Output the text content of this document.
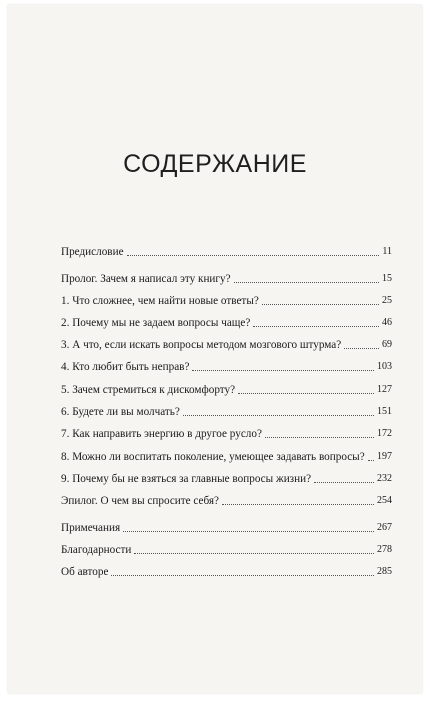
СОДЕРЖАНИЕ
Предисловие	11
Пролог. Зачем я написал эту книгу?	15
1. Что сложнее, чем найти новые ответы?	25
2. Почему мы не задаем вопросы чаще?	46
3. А что, если искать вопросы методом мозгового штурма?	69
4. Кто любит быть неправ?	103
5. Зачем стремиться к дискомфорту?	127
6. Будете ли вы молчать?	151
7. Как направить энергию в другое русло?	172
8. Можно ли воспитать поколение, умеющее задавать вопросы? 197
9. Почему бы не взяться за главные вопросы жизни?	232
Эпилог. О чем вы спросите себя?	254
Примечания	267
Благодарности	278
Об авторе	285
